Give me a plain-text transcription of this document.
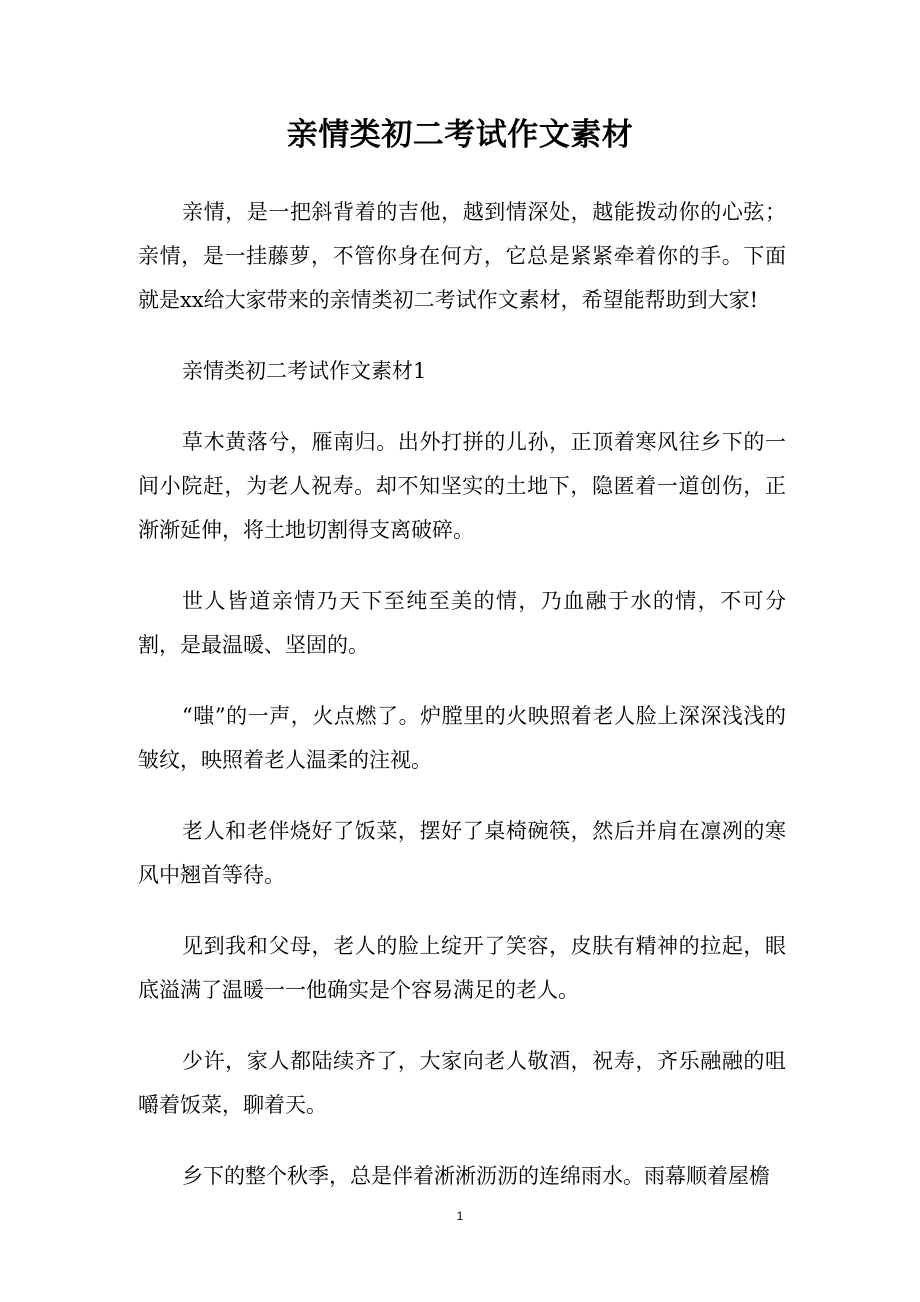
亲情类初二考试作文素材

亲情，是一把斜背着的吉他，越到情深处，越能拨动你的心弦；亲情，是一挂藤萝，不管你身在何方，它总是紧紧牵着你的手。下面就是xx给大家带来的亲情类初二考试作文素材，希望能帮助到大家!

亲情类初二考试作文素材1

草木黄落兮，雁南归。出外打拼的儿孙，正顶着寒风往乡下的一间小院赶，为老人祝寿。却不知坚实的土地下，隐匿着一道创伤，正渐渐延伸，将土地切割得支离破碎。

世人皆道亲情乃天下至纯至美的情，乃血融于水的情，不可分割，是最温暖、坚固的。

“嗤”的一声，火点燃了。炉膛里的火映照着老人脸上深深浅浅的皱纹，映照着老人温柔的注视。

老人和老伴烧好了饭菜，摆好了桌椅碗筷，然后并肩在凛冽的寒风中翘首等待。

见到我和父母，老人的脸上绽开了笑容，皮肤有精神的拉起，眼底溢满了温暖一一他确实是个容易满足的老人。

少许，家人都陆续齐了，大家向老人敬酒，祝寿，齐乐融融的咀嚼着饭菜，聊着天。

乡下的整个秋季，总是伴着淅淅沥沥的连绵雨水。雨幕顺着屋檐

1
